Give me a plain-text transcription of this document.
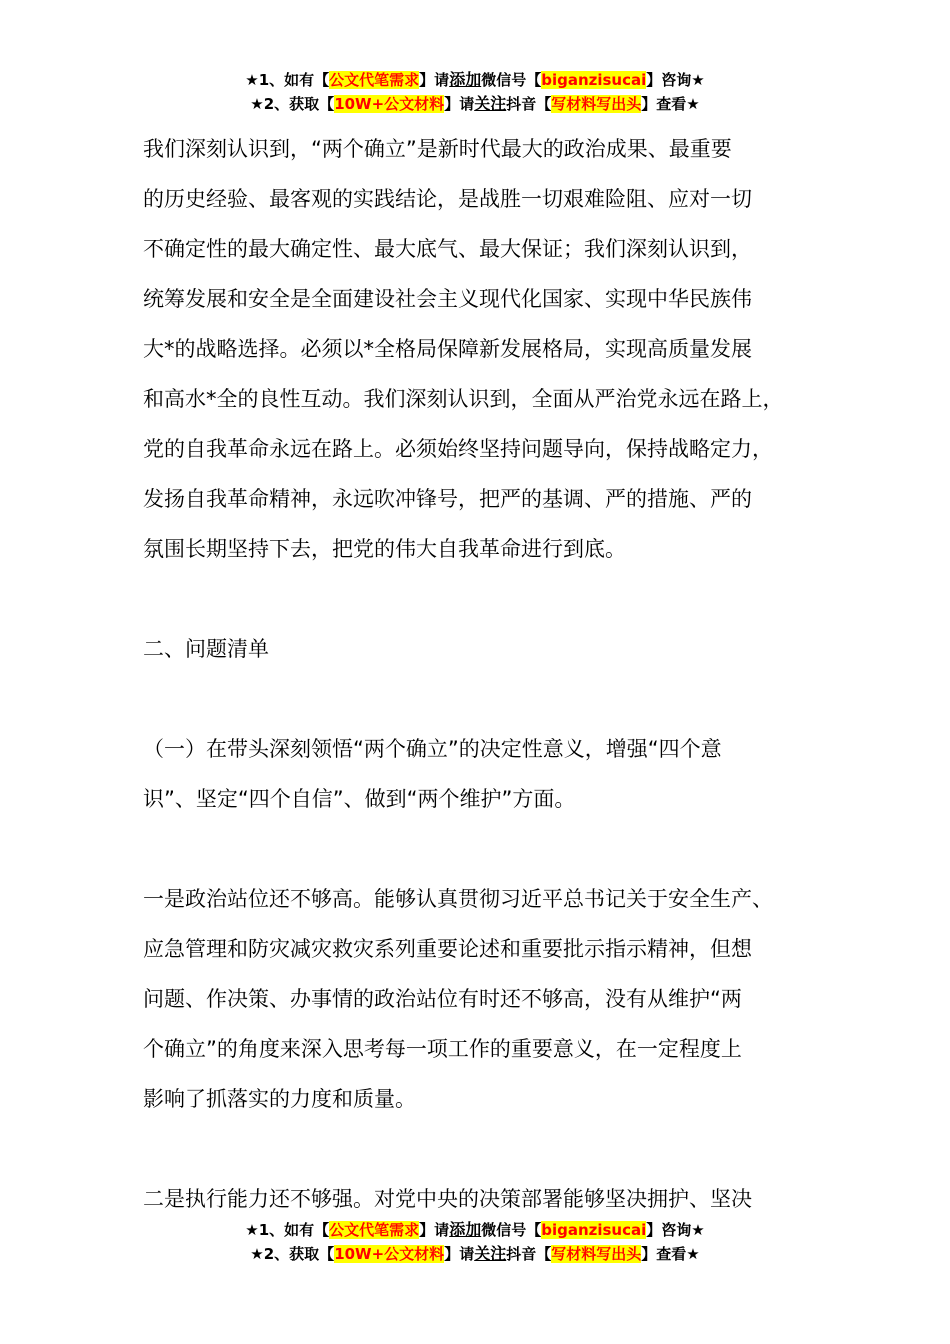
★1、如有【公文代笔需求】请添加微信号【biganzisucai】咨询★
★2、获取【10W+公文材料】请关注抖音【写材料写出头】查看★

我们深刻认识到，“两个确立”是新时代最大的政治成果、最重要

的历史经验、最客观的实践结论，是战胜一切艰难险阻、应对一切

不确定性的最大确定性、最大底气、最大保证；我们深刻认识到，

统筹发展和安全是全面建设社会主义现代化国家、实现中华民族伟

大*的战略选择。必须以*全格局保障新发展格局，实现高质量发展

和高水*全的良性互动。我们深刻认识到，全面从严治党永远在路上，

党的自我革命永远在路上。必须始终坚持问题导向，保持战略定力，

发扬自我革命精神，永远吹冲锋号，把严的基调、严的措施、严的

氛围长期坚持下去，把党的伟大自我革命进行到底。

二、问题清单

（一）在带头深刻领悟“两个确立”的决定性意义，增强“四个意

识”、坚定“四个自信”、做到“两个维护”方面。

一是政治站位还不够高。能够认真贯彻习近平总书记关于安全生产、

应急管理和防灾减灾救灾系列重要论述和重要批示指示精神，但想

问题、作决策、办事情的政治站位有时还不够高，没有从维护“两

个确立”的角度来深入思考每一项工作的重要意义，在一定程度上

影响了抓落实的力度和质量。

二是执行能力还不够强。对党中央的决策部署能够坚决拥护、坚决

★1、如有【公文代笔需求】请添加微信号【biganzisucai】咨询★
★2、获取【10W+公文材料】请关注抖音【写材料写出头】查看★
